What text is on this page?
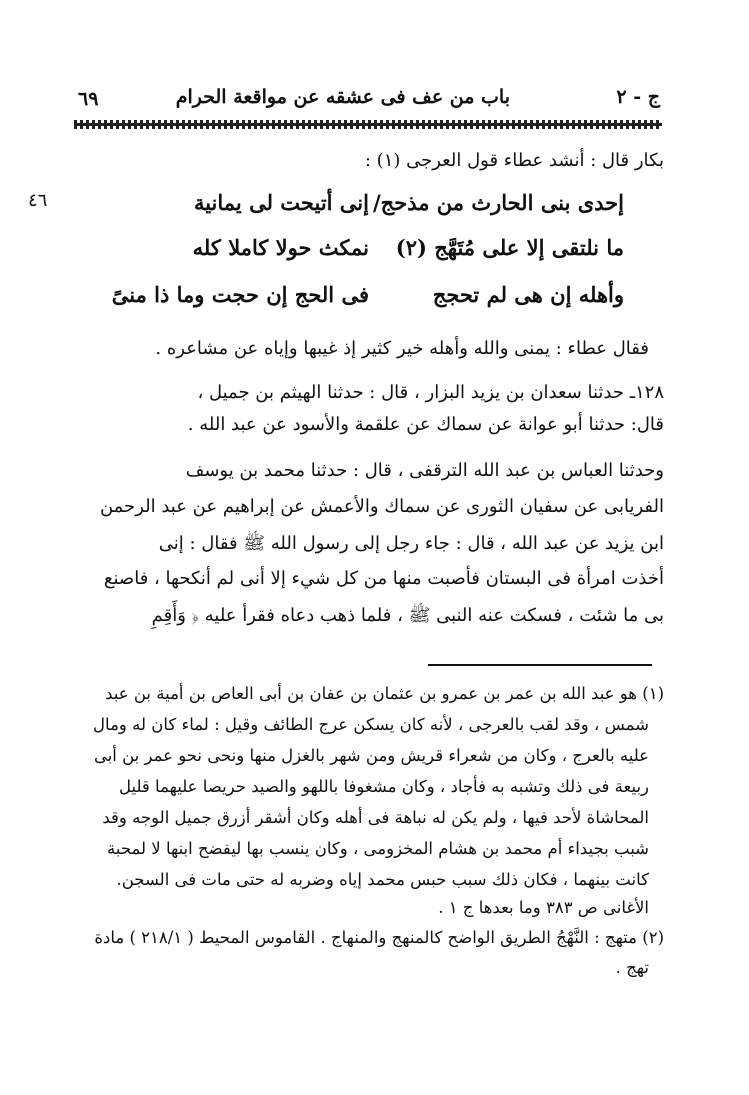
ج - ٢
باب من عف فى عشقه عن مواقعة الحرام
٦٩
بكار قال : أنشد عطاء قول العرجى (١) :
٤٦	إنى أتيحت لى يمانية إحدى بنى الحارث من مذحج/
نمكث حولا كاملا كله ما نلتقى إلا على مُتَهَّج (٢)
فى الحج إن حجت وما ذا منىً	وأهله إن هى لم تحجج
فقال عطاء : يمنى والله وأهله خير كثير إذ غيبها وإياه عن مشاعره .
١٢٨ـ حدثنا سعدان بن يزيد البزار ، قال : حدثنا الهيثم بن جميل ،
قال: حدثنا أبو عوانة عن سماك عن علقمة والأسود عن عبد الله .
وحدثنا العباس بن عبد الله الترقفى ، قال : حدثنا محمد بن يوسف
الفريابى عن سفيان الثورى عن سماك والأعمش عن إبراهيم عن عبد الرحمن
ابن يزيد عن عبد الله ، قال : جاء رجل إلى رسول الله ﷺ فقال : إنى
أخذت امرأة فى البستان فأصبت منها من كل شيء إلا أنى لم أنكحها ، فاصنع
بى ما شئت ، فسكت عنه النبى ﷺ ، فلما ذهب دعاه فقرأ عليه ﴿ وَأَقِمِ
(١) هو عبد الله بن عمر بن عمرو بن عثمان بن عفان بن أبى العاص بن أمية بن عبد
شمس ، وقد لقب بالعرجى ، لأنه كان يسكن عرج الطائف وقيل : لماء كان له ومال
عليه بالعرج ، وكان من شعراء قريش ومن شهر بالغزل منها ونحى نحو عمر بن أبى
ربيعة فى ذلك وتشبه به فأجاد ، وكان مشغوفا باللهو والصيد حريصا عليهما قليل
المحاشاة لأحد فيها ، ولم يكن له نباهة فى أهله وكان أشقر أزرق جميل الوجه وقد
شبب بجيداء أم محمد بن هشام المخزومى ، وكان ينسب بها ليفضح ابنها لا لمحبة
كانت بينهما ، فكان ذلك سبب حبس محمد إياه وضربه له حتى مات فى السجن.
الأغانى ص ٣٨٣ وما بعدها ج ١ .
(٢) متهج : النَّهْجُ الطريق الواضح كالمنهج والمنهاج . القاموس المحيط ( ٢١٨/١ ) مادة
تهج .
